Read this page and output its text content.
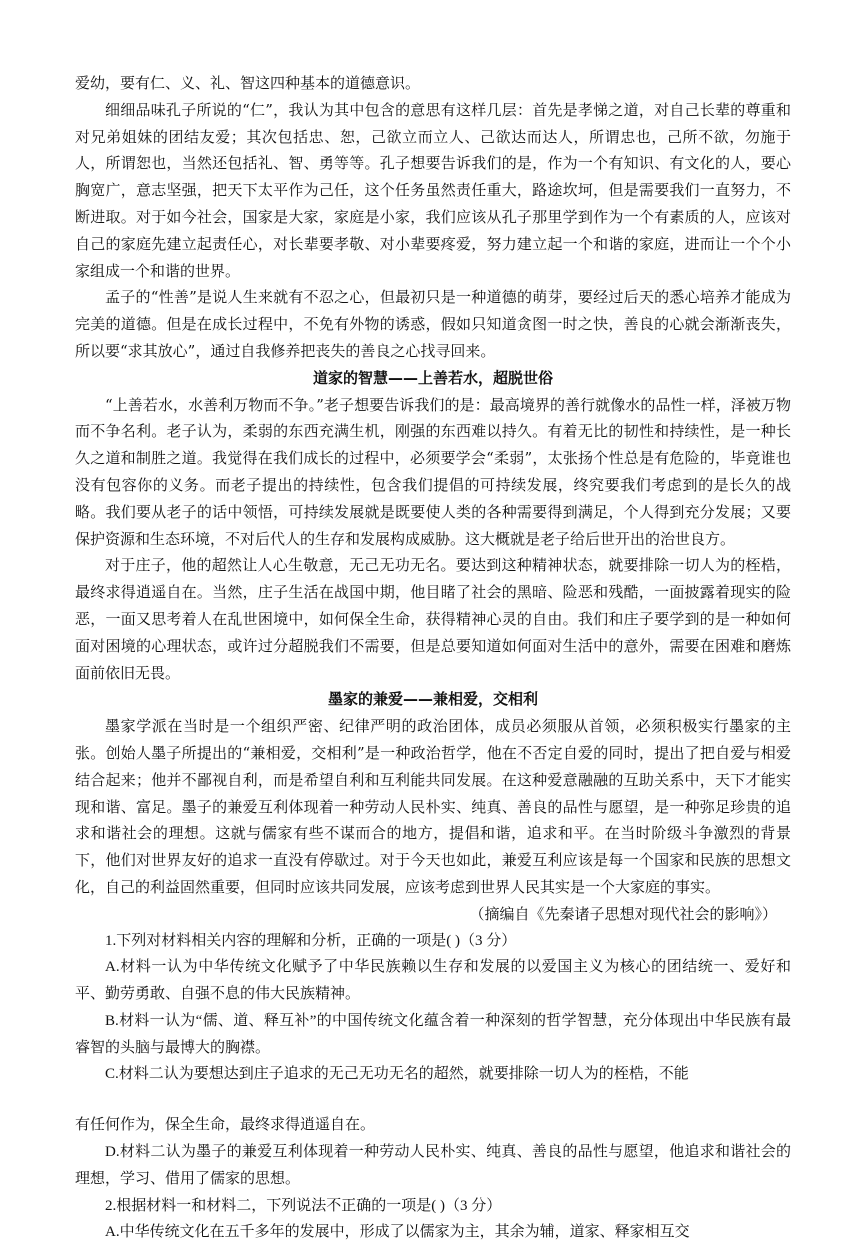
爱幼，要有仁、义、礼、智这四种基本的道德意识。

细细品味孔子所说的“仁”，我认为其中包含的意思有这样几层：首先是孝悌之道，对自己长辈的尊重和对兄弟姐妹的团结友爱；其次包括忠、恕，己欲立而立人、己欲达而达人，所谓忠也，己所不欲，勿施于人，所谓恕也，当然还包括礼、智、勇等等。孔子想要告诉我们的是，作为一个有知识、有文化的人，要心胸宽广，意志坚强，把天下太平作为己任，这个任务虽然责任重大，路途坎坷，但是需要我们一直努力，不断进取。对于如今社会，国家是大家，家庭是小家，我们应该从孔子那里学到作为一个有素质的人，应该对自己的家庭先建立起责任心，对长辈要孝敬、对小辈要疼爱，努力建立起一个和谐的家庭，进而让一个个小家组成一个和谐的世界。

孟子的“性善”是说人生来就有不忍之心，但最初只是一种道德的萌芽，要经过后天的悉心培养才能成为完美的道德。但是在成长过程中，不免有外物的诱惑，假如只知道贪图一时之快，善良的心就会渐渐丧失，所以要“求其放心”，通过自我修养把丧失的善良之心找寻回来。

道家的智慧——上善若水，超脱世俗

“上善若水，水善利万物而不争。”老子想要告诉我们的是：最高境界的善行就像水的品性一样，泽被万物而不争名利。老子认为，柔弱的东西充满生机，刚强的东西难以持久。有着无比的韧性和持续性，是一种长久之道和制胜之道。我觉得在我们成长的过程中，必须要学会“柔弱”，太张扬个性总是有危险的，毕竟谁也没有包容你的义务。而老子提出的持续性，包含我们提倡的可持续发展，终究要我们考虑到的是长久的战略。我们要从老子的话中领悟，可持续发展就是既要使人类的各种需要得到满足，个人得到充分发展；又要保护资源和生态环境，不对后代人的生存和发展构成威胁。这大概就是老子给后世开出的治世良方。

对于庄子，他的超然让人心生敬意，无己无功无名。要达到这种精神状态，就要排除一切人为的桎梏，最终求得逍遥自在。当然，庄子生活在战国中期，他目睹了社会的黑暗、险恶和残酷，一面披露着现实的险恶，一面又思考着人在乱世困境中，如何保全生命，获得精神心灵的自由。我们和庄子要学到的是一种如何面对困境的心理状态，或许过分超脱我们不需要，但是总要知道如何面对生活中的意外，需要在困难和磨炼面前依旧无畏。

墨家的兼爱——兼相爱，交相利

墨家学派在当时是一个组织严密、纪律严明的政治团体，成员必须服从首领，必须积极实行墨家的主张。创始人墨子所提出的“兼相爱，交相利”是一种政治哲学，他在不否定自爱的同时，提出了把自爱与相爱结合起来；他并不鄙视自利，而是希望自利和互利能共同发展。在这种爱意融融的互助关系中，天下才能实现和谐、富足。墨子的兼爱互利体现着一种劳动人民朴实、纯真、善良的品性与愿望，是一种弥足珍贵的追求和谐社会的理想。这就与儒家有些不谋而合的地方，提倡和谐，追求和平。在当时阶级斗争激烈的背景下，他们对世界友好的追求一直没有停歇过。对于今天也如此，兼爱互利应该是每一个国家和民族的思想文化，自己的利益固然重要，但同时应该共同发展，应该考虑到世界人民其实是一个大家庭的事实。

（摘编自《先秦诸子思想对现代社会的影响》）

1.下列对材料相关内容的理解和分析，正确的一项是( )（3 分）

A.材料一认为中华传统文化赋予了中华民族赖以生存和发展的以爱国主义为核心的团结统一、爱好和平、勤劳勇敢、自强不息的伟大民族精神。

B.材料一认为“儒、道、释互补”的中国传统文化蕴含着一种深刻的哲学智慧，充分体现出中华民族有最睿智的头脑与最博大的胸襟。

C.材料二认为要想达到庄子追求的无己无功无名的超然，就要排除一切人为的桎梏，不能

有任何作为，保全生命，最终求得逍遥自在。

D.材料二认为墨子的兼爱互利体现着一种劳动人民朴实、纯真、善良的品性与愿望，他追求和谐社会的理想，学习、借用了儒家的思想。

2.根据材料一和材料二，下列说法不正确的一项是( )（3 分）

A.中华传统文化在五千多年的发展中，形成了以儒家为主，其余为辅，道家、释家相互交
